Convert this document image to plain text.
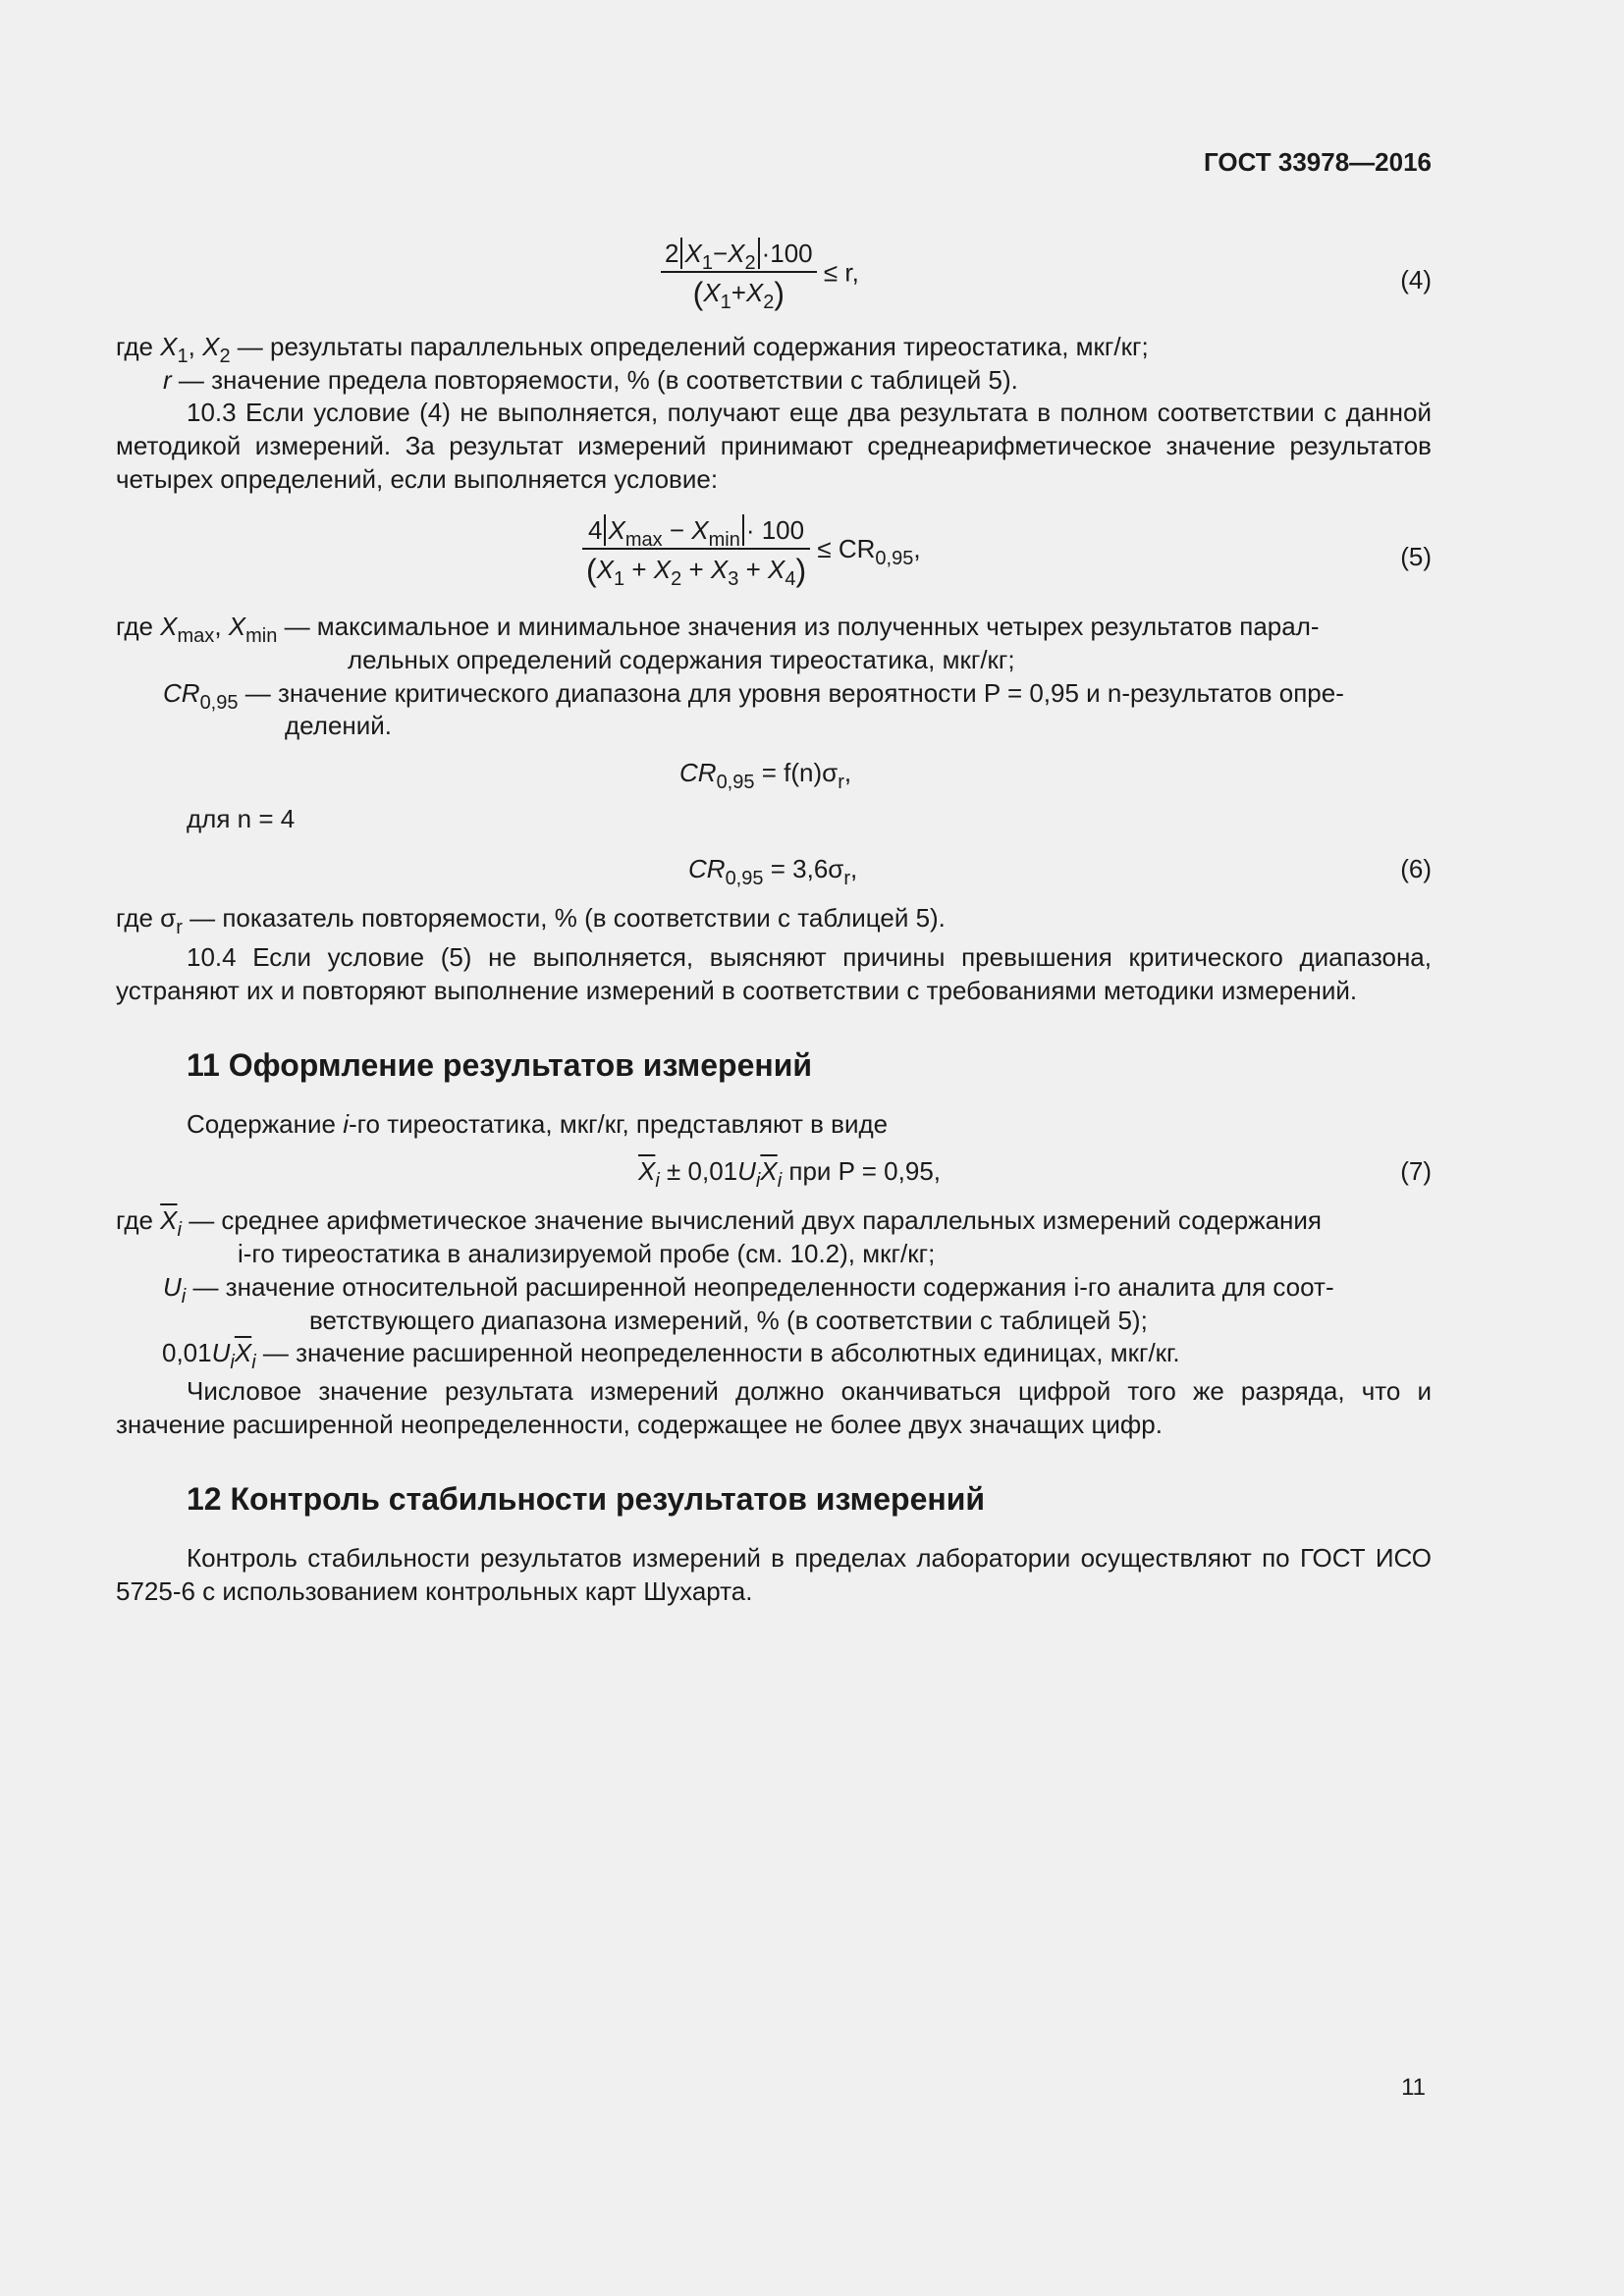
ГОСТ 33978—2016
$\frac{2 X_1-X_2 \cdot 100}{(X_1+X_2)} \le r$,	(4)
где $X_1$, $X_2$ — результаты параллельных определений содержания тиреостатика, мкг/кг;
r — значение предела повторяемости, % (в соответствии с таблицей 5).
10.3 Если условие (4) не выполняется, получают еще два результата в полном соответствии с данной методикой измерений. За результат измерений принимают среднеарифметическое значение результатов четырех определений, если выполняется условие:
$\frac{4 X_{max} - X_{min} \cdot 100}{(X_1 + X_2 + X_3 + X_4)} \le CR_{0,95}$,	(5)
где $X_{max}$, $X_{min}$ — максимальное и минимальное значения из полученных четырех результатов парал-
лельных определений содержания тиреостатика, мкг/кг;
$CR_{0,95}$ — значение критического диапазона для уровня вероятности P = 0,95 и n-результатов опре-
делений.
$CR_{0,95} = f(n)\sigma_r$,
для n = 4
$CR_{0,95} = 3,6\sigma_r$,	(6)
где $\sigma_r$ — показатель повторяемости, % (в соответствии с таблицей 5).
10.4 Если условие (5) не выполняется, выясняют причины превышения критического диапазона, устраняют их и повторяют выполнение измерений в соответствии с требованиями методики измерений.
11 Оформление результатов измерений
Содержание i-го тиреостатика, мкг/кг, представляют в виде
$\overline{X}_i \pm 0,01U_i\overline{X}_i$ при P = 0,95,	(7)
где $\overline{X}_i$ — среднее арифметическое значение вычислений двух параллельных измерений содержания
i-го тиреостатика в анализируемой пробе (см. 10.2), мкг/кг;
$U_i$ — значение относительной расширенной неопределенности содержания i-го аналита для соот-
ветствующего диапазона измерений, % (в соответствии с таблицей 5);
$0,01U_i\overline{X}_i$ — значение расширенной неопределенности в абсолютных единицах, мкг/кг.
Числовое значение результата измерений должно оканчиваться цифрой того же разряда, что и значение расширенной неопределенности, содержащее не более двух значащих цифр.
12 Контроль стабильности результатов измерений
Контроль стабильности результатов измерений в пределах лаборатории осуществляют по ГОСТ ИСО 5725-6 с использованием контрольных карт Шухарта.
11
